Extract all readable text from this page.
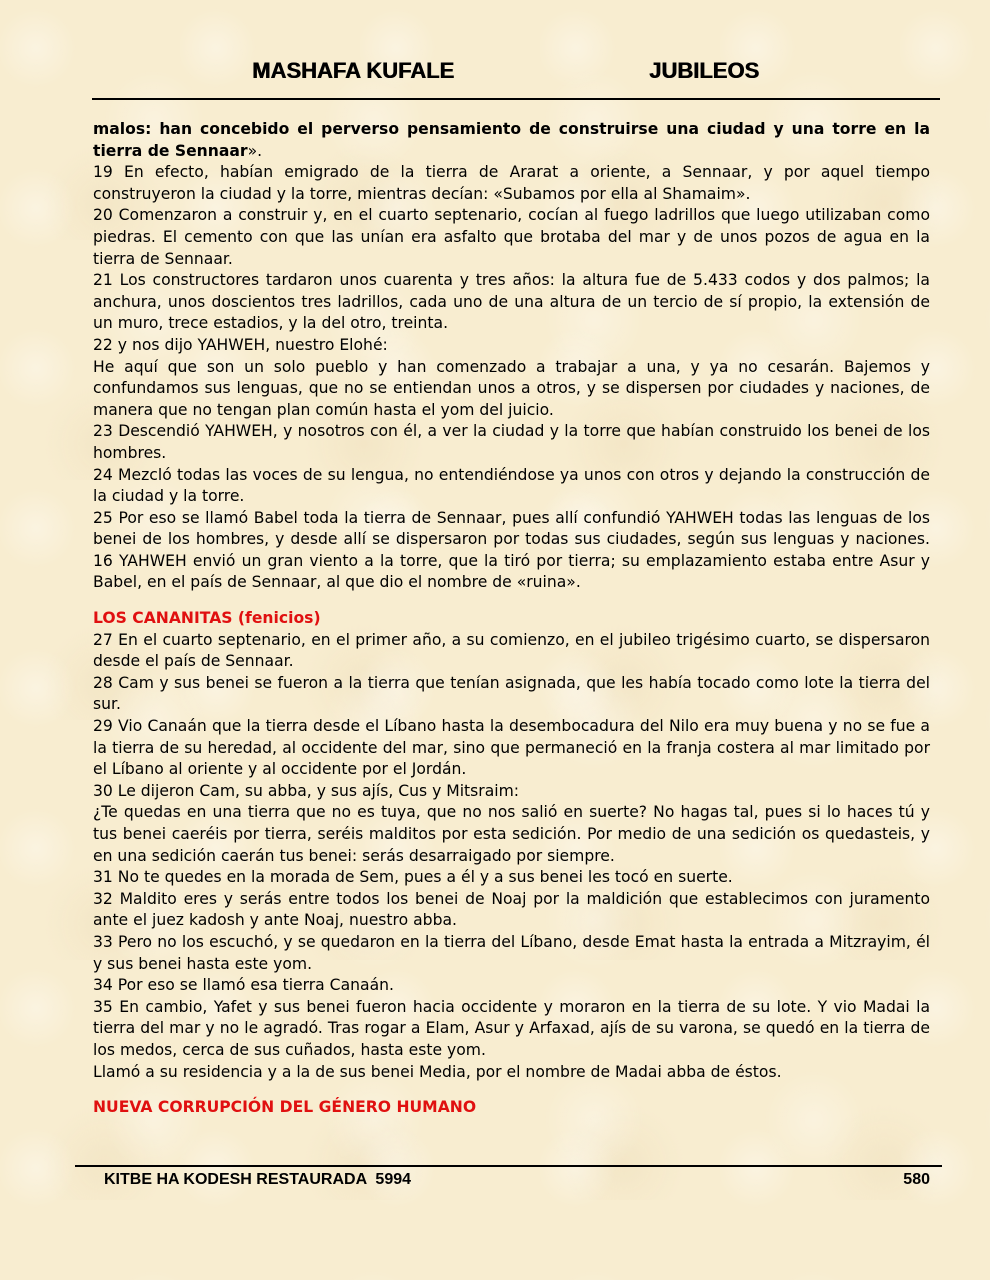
MASHAFA KUFALE	JUBILEOS

malos: han concebido el perverso pensamiento de construirse una ciudad y una torre en la tierra de Sennaar».

19 En efecto, habían emigrado de la tierra de Ararat a oriente, a Sennaar, y por aquel tiempo construyeron la ciudad y la torre, mientras decían: «Subamos por ella al Shamaim».

20 Comenzaron a construir y, en el cuarto septenario, cocían al fuego ladrillos que luego utilizaban como piedras. El cemento con que las unían era asfalto que brotaba del mar y de unos pozos de agua en la tierra de Sennaar.

21 Los constructores tardaron unos cuarenta y tres años: la altura fue de 5.433 codos y dos palmos; la anchura, unos doscientos tres ladrillos, cada uno de una altura de un tercio de sí propio, la extensión de un muro, trece estadios, y la del otro, treinta.

22 y nos dijo YAHWEH, nuestro Elohé:

He aquí que son un solo pueblo y han comenzado a trabajar a una, y ya no cesarán. Bajemos y confundamos sus lenguas, que no se entiendan unos a otros, y se dispersen por ciudades y naciones, de manera que no tengan plan común hasta el yom del juicio.

23 Descendió YAHWEH, y nosotros con él, a ver la ciudad y la torre que habían construido los benei de los hombres.

24 Mezcló todas las voces de su lengua, no entendiéndose ya unos con otros y dejando la construcción de la ciudad y la torre.

25 Por eso se llamó Babel toda la tierra de Sennaar, pues allí confundió YAHWEH todas las lenguas de los benei de los hombres, y desde allí se dispersaron por todas sus ciudades, según sus lenguas y naciones. 16 YAHWEH envió un gran viento a la torre, que la tiró por tierra; su emplazamiento estaba entre Asur y Babel, en el país de Sennaar, al que dio el nombre de «ruina».

LOS CANANITAS (fenicios)

27 En el cuarto septenario, en el primer año, a su comienzo, en el jubileo trigésimo cuarto, se dispersaron desde el país de Sennaar.

28 Cam y sus benei se fueron a la tierra que tenían asignada, que les había tocado como lote la tierra del sur.

29 Vio Canaán que la tierra desde el Líbano hasta la desembocadura del Nilo era muy buena y no se fue a la tierra de su heredad, al occidente del mar, sino que permaneció en la franja costera al mar limitado por el Líbano al oriente y al occidente por el Jordán.

30 Le dijeron Cam, su abba, y sus ajís, Cus y Mitsraim:

¿Te quedas en una tierra que no es tuya, que no nos salió en suerte? No hagas tal, pues si lo haces tú y tus benei caeréis por tierra, seréis malditos por esta sedición. Por medio de una sedición os quedasteis, y en una sedición caerán tus benei: serás desarraigado por siempre.

31 No te quedes en la morada de Sem, pues a él y a sus benei les tocó en suerte.

32 Maldito eres y serás entre todos los benei de Noaj por la maldición que establecimos con juramento ante el juez kadosh y ante Noaj, nuestro abba.

33 Pero no los escuchó, y se quedaron en la tierra del Líbano, desde Emat hasta la entrada a Mitzrayim, él y sus benei hasta este yom.

34 Por eso se llamó esa tierra Canaán.

35 En cambio, Yafet y sus benei fueron hacia occidente y moraron en la tierra de su lote. Y vio Madai la tierra del mar y no le agradó. Tras rogar a Elam, Asur y Arfaxad, ajís de su varona, se quedó en la tierra de los medos, cerca de sus cuñados, hasta este yom.

Llamó a su residencia y a la de sus benei Media, por el nombre de Madai abba de éstos.

NUEVA CORRUPCIÓN DEL GÉNERO HUMANO
KITBE HA KODESH RESTAURADA  5994	580
